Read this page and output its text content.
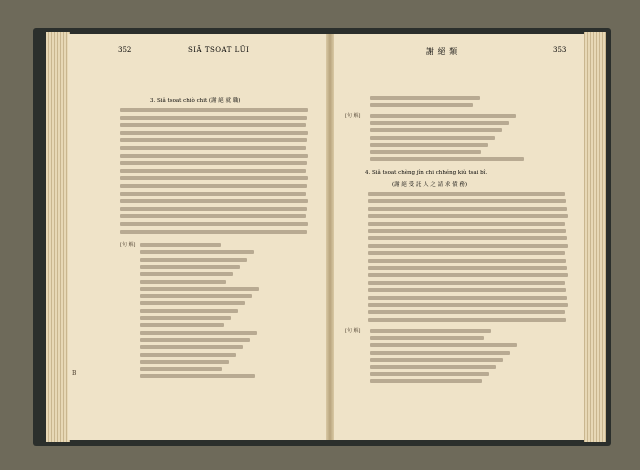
352	SIÃ TSOAT LŨI
3. Siâ tsoat chiò chit (謝 絕 就 職)
[句 解]
B
謝 絕 類	353
[句 解]
4. Siâ tsoat chèng jîn chi chhéng kiù tsai bî.
(謝 絕 受 託 人 之 請 求 債 務)
[句 解]
